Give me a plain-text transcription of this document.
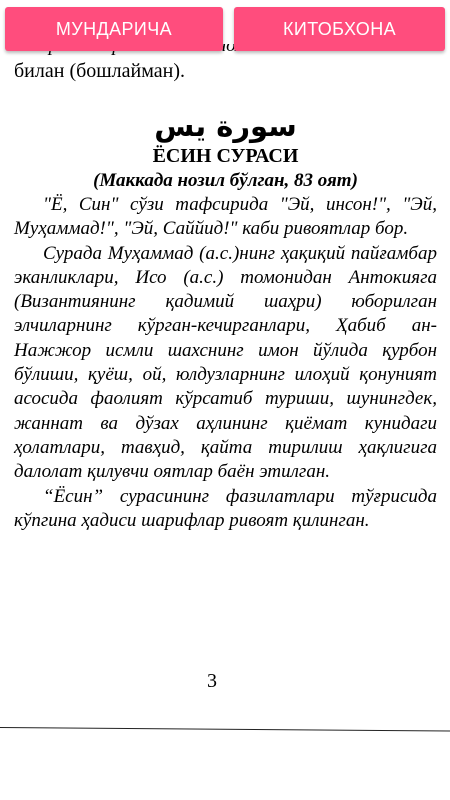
билан (бошлайман).
سورة يس
ЁСИН СУРАСИ
(Маккада нозил бўлган, 83 оят)

"Ё, Син" сўзи тафсирида "Эй, инсон!", "Эй, Муҳаммад!", "Эй, Саййид!" каби ривоятлар бор.

Сурада Муҳаммад (а.с.)нинг ҳақиқий пайғамбар эканликлари, Исо (а.с.) томонидан Антокияга (Византиянинг қадимий шаҳри) юборилган элчиларнинг кўрган-кечирганлари, Ҳабиб ан-Нажжор исмли шахснинг имон йўлида қурбон бўлиши, қуёш, ой, юлдузларнинг илоҳий қонуният асосида фаолият кўрсатиб туриши, шунингдек, жаннат ва дўзах аҳлининг қиёмат кунидаги ҳолатлари, тавҳид, қайта тирилиш ҳақлигига далолат қилувчи оятлар баён этилган.

“Ёсин” сурасининг фазилатлари тўғрисида кўпгина ҳадиси шарифлар ривоят қилинган.

3
МУНДАРИЧА	КИТОБХОНА
